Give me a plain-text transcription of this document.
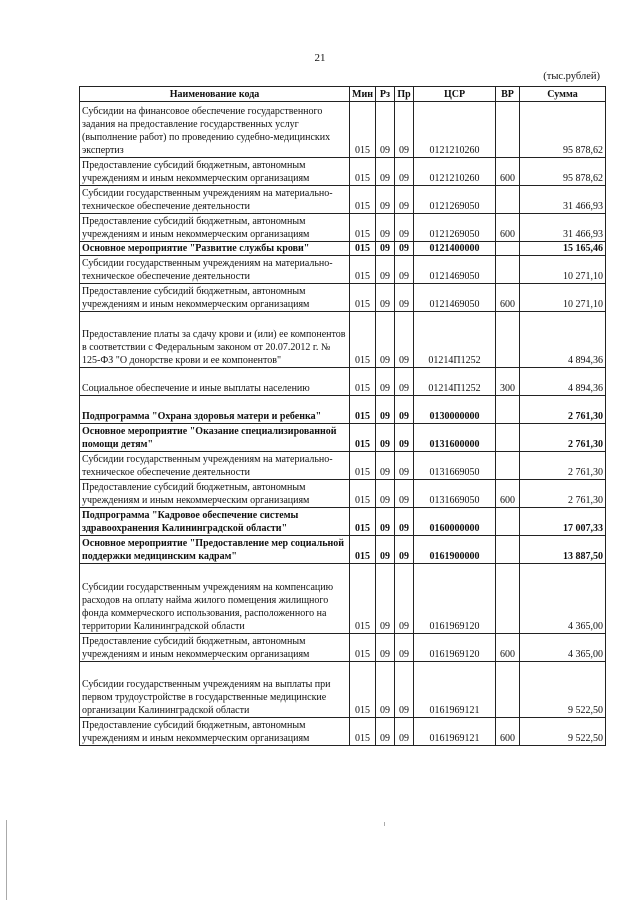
21
(тыс.рублей)
Наименование кода	Мин	Рз	Пр	ЦСР	ВР	Сумма
Субсидии на финансовое обеспечение государственного задания на предоставление государственных услуг (выполнение работ) по проведению судебно-медицинских экспертиз	015	09	09	0121210260		95 878,62
Предоставление субсидий бюджетным, автономным учреждениям и иным некоммерческим организациям	015	09	09	0121210260	600	95 878,62
Субсидии государственным учреждениям на материально-техническое обеспечение деятельности	015	09	09	0121269050		31 466,93
Предоставление субсидий бюджетным, автономным учреждениям и иным некоммерческим организациям	015	09	09	0121269050	600	31 466,93
Основное мероприятие "Развитие службы крови"	015	09	09	0121400000		15 165,46
Субсидии государственным учреждениям на материально-техническое обеспечение деятельности	015	09	09	0121469050		10 271,10
Предоставление субсидий бюджетным, автономным учреждениям и иным некоммерческим организациям	015	09	09	0121469050	600	10 271,10
Предоставление платы за сдачу крови и (или) ее компонентов в соответствии с Федеральным законом от 20.07.2012 г. № 125-ФЗ "О донорстве крови и ее компонентов"	015	09	09	01214П1252		4 894,36
Социальное обеспечение и иные выплаты населению	015	09	09	01214П1252	300	4 894,36
Подпрограмма "Охрана здоровья матери и ребенка"	015	09	09	0130000000		2 761,30
Основное мероприятие "Оказание специализированной помощи детям"	015	09	09	0131600000		2 761,30
Субсидии государственным учреждениям на материально-техническое обеспечение деятельности	015	09	09	0131669050		2 761,30
Предоставление субсидий бюджетным, автономным учреждениям и иным некоммерческим организациям	015	09	09	0131669050	600	2 761,30
Подпрограмма "Кадровое обеспечение системы здравоохранения Калининградской области"	015	09	09	0160000000		17 007,33
Основное мероприятие "Предоставление мер социальной поддержки медицинским кадрам"	015	09	09	0161900000		13 887,50
Субсидии государственным учреждениям на компенсацию расходов на оплату найма жилого помещения жилищного фонда коммерческого использования, расположенного на территории Калининградской области	015	09	09	0161969120		4 365,00
Предоставление субсидий бюджетным, автономным учреждениям и иным некоммерческим организациям	015	09	09	0161969120	600	4 365,00
Субсидии государственным учреждениям на выплаты при первом трудоустройстве в государственные медицинские организации Калининградской области	015	09	09	0161969121		9 522,50
Предоставление субсидий бюджетным, автономным учреждениям и иным некоммерческим организациям	015	09	09	0161969121	600	9 522,50
